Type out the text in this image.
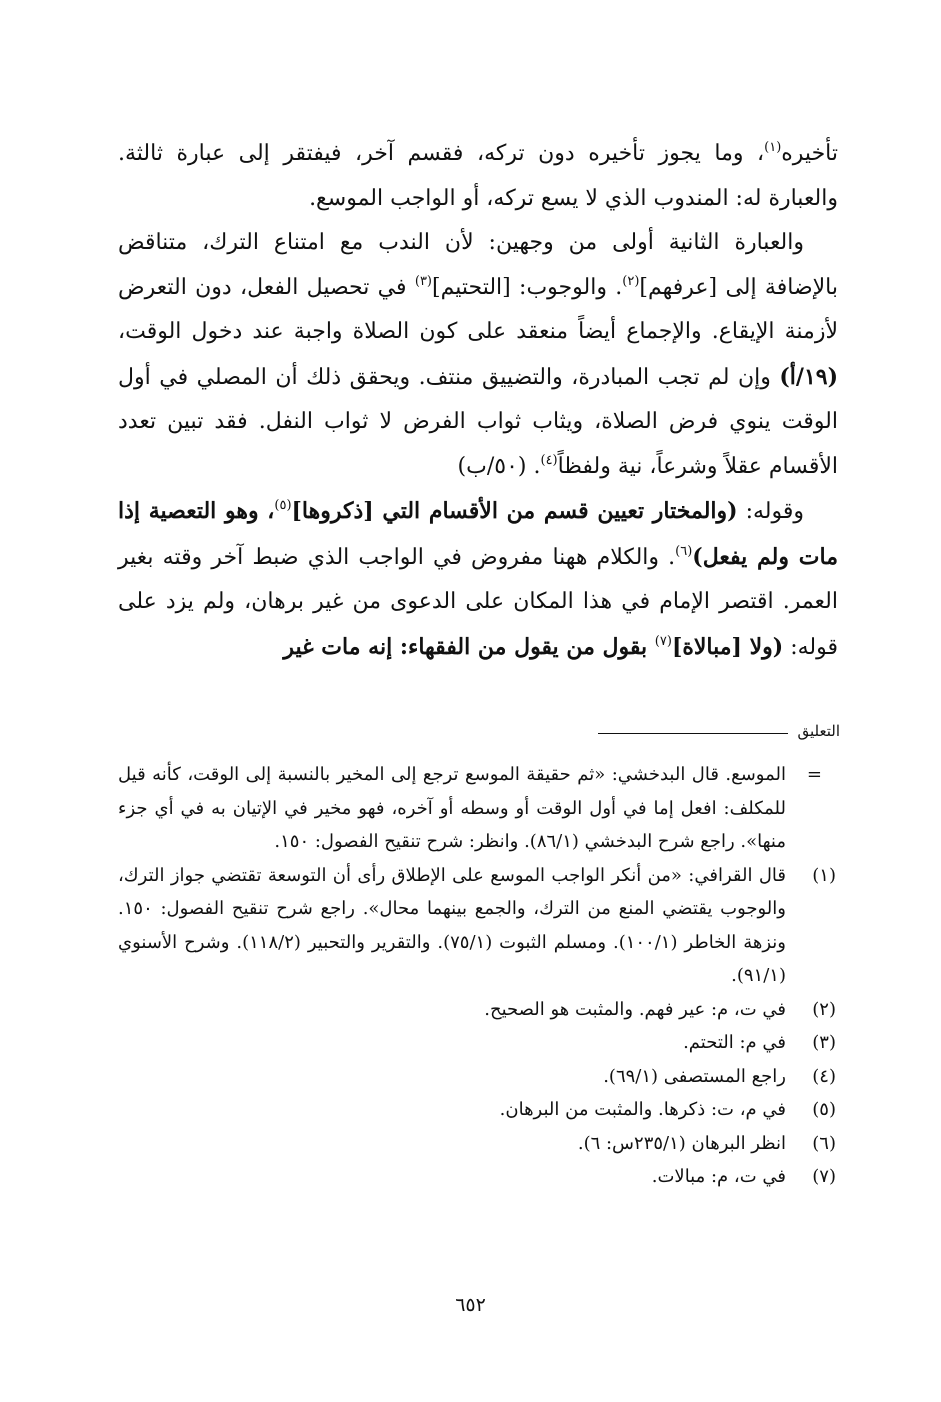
تأخيره$^{(١)}$، وما يجوز تأخيره دون تركه، فقسم آخر، فيفتقر إلى عبارة ثالثة. والعبارة له: المندوب الذي لا يسع تركه، أو الواجب الموسع.

والعبارة الثانية أولى من وجهين: لأن الندب مع امتناع الترك، متناقض بالإضافة إلى [عرفهم]$^{(٢)}$. والوجوب: [التحتيم]$^{(٣)}$ في تحصيل الفعل، دون التعرض لأزمنة الإيقاع. والإجماع أيضاً منعقد على كون الصلاة واجبة عند دخول الوقت، (١٩/أ) وإن لم تجب المبادرة، والتضييق منتف. ويحقق ذلك أن المصلي في أول الوقت ينوي فرض الصلاة، ويثاب ثواب الفرض لا ثواب النفل. فقد تبين تعدد الأقسام عقلاً وشرعاً، نية ولفظاً$^{(٤)}$. (٥٠/ب)

وقوله: (والمختار تعيين قسم من الأقسام التي [ذكروها]$^{(٥)}$، وهو التعصية إذا مات ولم يفعل)$^{(٦)}$. والكلام ههنا مفروض في الواجب الذي ضبط آخر وقته بغير العمر. اقتصر الإمام في هذا المكان على الدعوى من غير برهان، ولم يزد على قوله: (ولا [مبالاة]$^{(٧)}$ بقول من يقول من الفقهاء: إنه مات غير

التعليق
=
الموسع. قال البدخشي: «ثم حقيقة الموسع ترجع إلى المخير بالنسبة إلى الوقت، كأنه قيل للمكلف: افعل إما في أول الوقت أو وسطه أو آخره، فهو مخير في الإتيان به في أي جزء منها». راجع شرح البدخشي (٨٦/١). وانظر: شرح تنقيح الفصول: ١٥٠.
(١)
قال القرافي: «من أنكر الواجب الموسع على الإطلاق رأى أن التوسعة تقتضي جواز الترك، والوجوب يقتضي المنع من الترك، والجمع بينهما محال». راجع شرح تنقيح الفصول: ١٥٠. ونزهة الخاطر (١٠٠/١). ومسلم الثبوت (٧٥/١). والتقرير والتحبير (١١٨/٢). وشرح الأسنوي (٩١/١).
(٢)
في ت، م: عير فهم. والمثبت هو الصحيح.
(٣)
في م: التحتم.
(٤)
راجع المستصفى (٦٩/١).
(٥)
في م، ت: ذكرها. والمثبت من البرهان.
(٦)
انظر البرهان (٢٣٥/١س: ٦).
(٧)
في ت، م: مبالات.
٦٥٢
